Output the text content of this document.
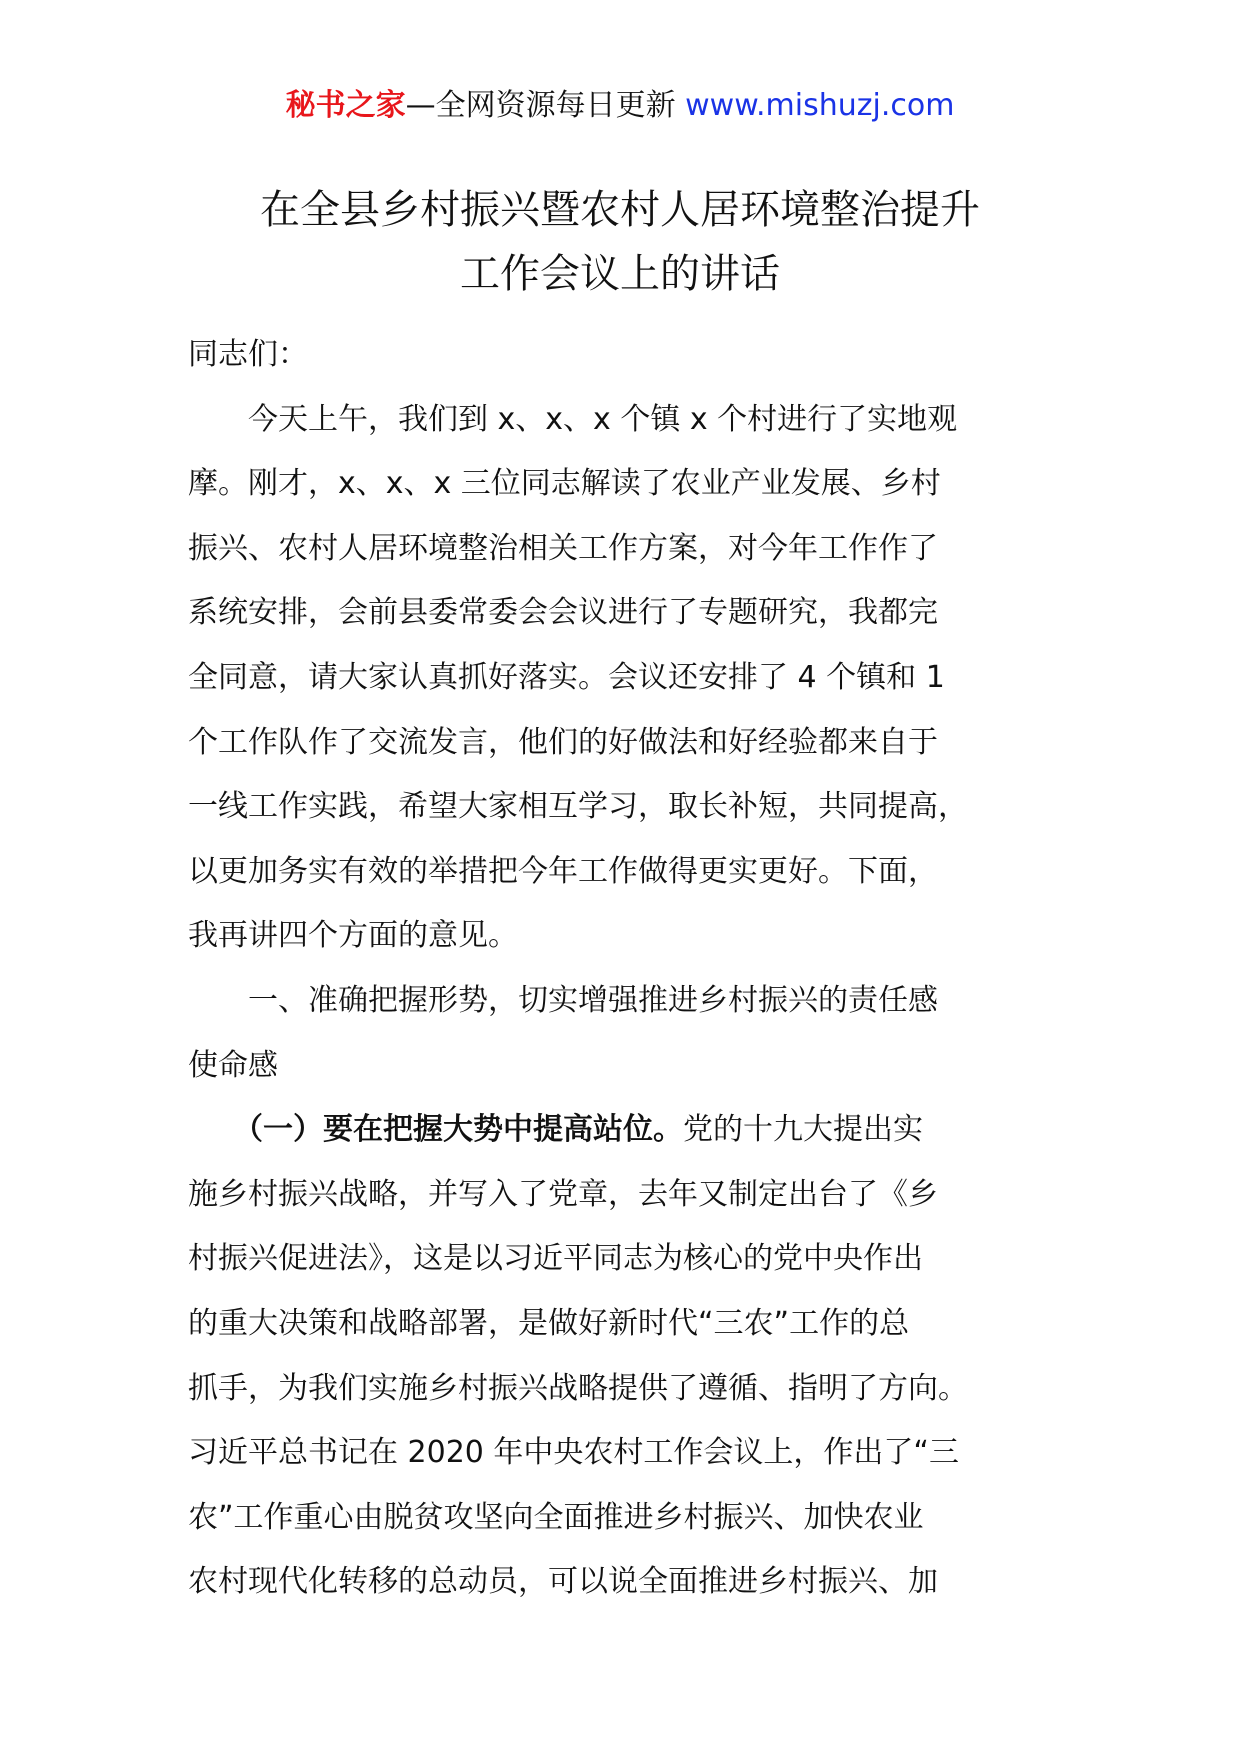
秘书之家—全网资源每日更新 www.mishuzj.com
在全县乡村振兴暨农村人居环境整治提升
工作会议上的讲话
同志们：
　　今天上午，我们到 x、x、x 个镇 x 个村进行了实地观
摩。刚才，x、x、x 三位同志解读了农业产业发展、乡村
振兴、农村人居环境整治相关工作方案，对今年工作作了
系统安排，会前县委常委会会议进行了专题研究，我都完
全同意，请大家认真抓好落实。会议还安排了 4 个镇和 1
个工作队作了交流发言，他们的好做法和好经验都来自于
一线工作实践，希望大家相互学习，取长补短，共同提高，
以更加务实有效的举措把今年工作做得更实更好。下面，
我再讲四个方面的意见。
　　一、准确把握形势，切实增强推进乡村振兴的责任感
使命感
　　（一）要在把握大势中提高站位。党的十九大提出实
施乡村振兴战略，并写入了党章，去年又制定出台了《乡
村振兴促进法》，这是以习近平同志为核心的党中央作出
的重大决策和战略部署，是做好新时代“三农”工作的总
抓手，为我们实施乡村振兴战略提供了遵循、指明了方向。
习近平总书记在 2020 年中央农村工作会议上，作出了“三
农”工作重心由脱贫攻坚向全面推进乡村振兴、加快农业
农村现代化转移的总动员，可以说全面推进乡村振兴、加
